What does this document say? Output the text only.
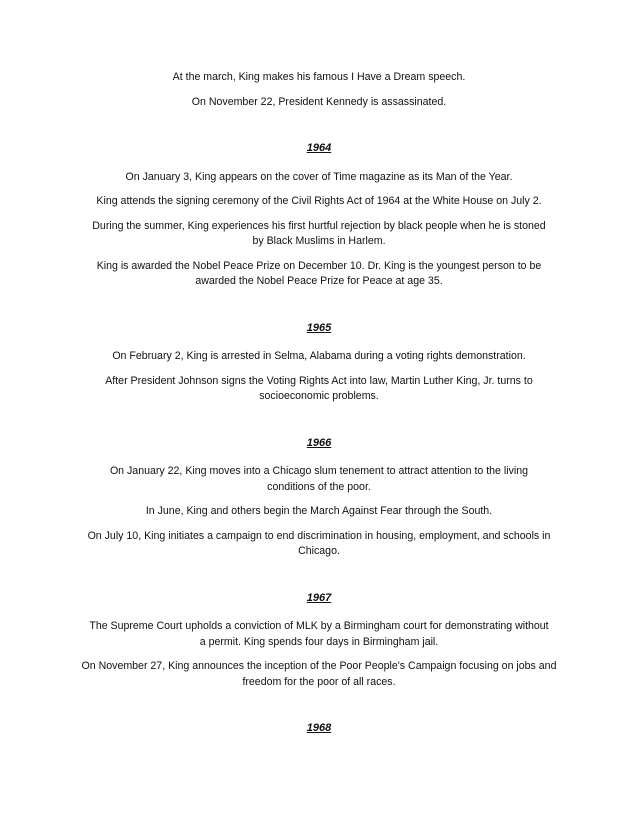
At the march, King makes his famous I Have a Dream speech.

On November 22, President Kennedy is assassinated.

1964

On January 3, King appears on the cover of Time magazine as its Man of the Year.

King attends the signing ceremony of the Civil Rights Act of 1964 at the White House on July 2.

During the summer, King experiences his first hurtful rejection by black people when he is stoned by Black Muslims in Harlem.

King is awarded the Nobel Peace Prize on December 10. Dr. King is the youngest person to be awarded the Nobel Peace Prize for Peace at age 35.

1965

On February 2, King is arrested in Selma, Alabama during a voting rights demonstration.

After President Johnson signs the Voting Rights Act into law, Martin Luther King, Jr. turns to socioeconomic problems.

1966

On January 22, King moves into a Chicago slum tenement to attract attention to the living conditions of the poor.

In June, King and others begin the March Against Fear through the South.

On July 10, King initiates a campaign to end discrimination in housing, employment, and schools in Chicago.

1967

The Supreme Court upholds a conviction of MLK by a Birmingham court for demonstrating without a permit. King spends four days in Birmingham jail.

On November 27, King announces the inception of the Poor People's Campaign focusing on jobs and freedom for the poor of all races.

1968
